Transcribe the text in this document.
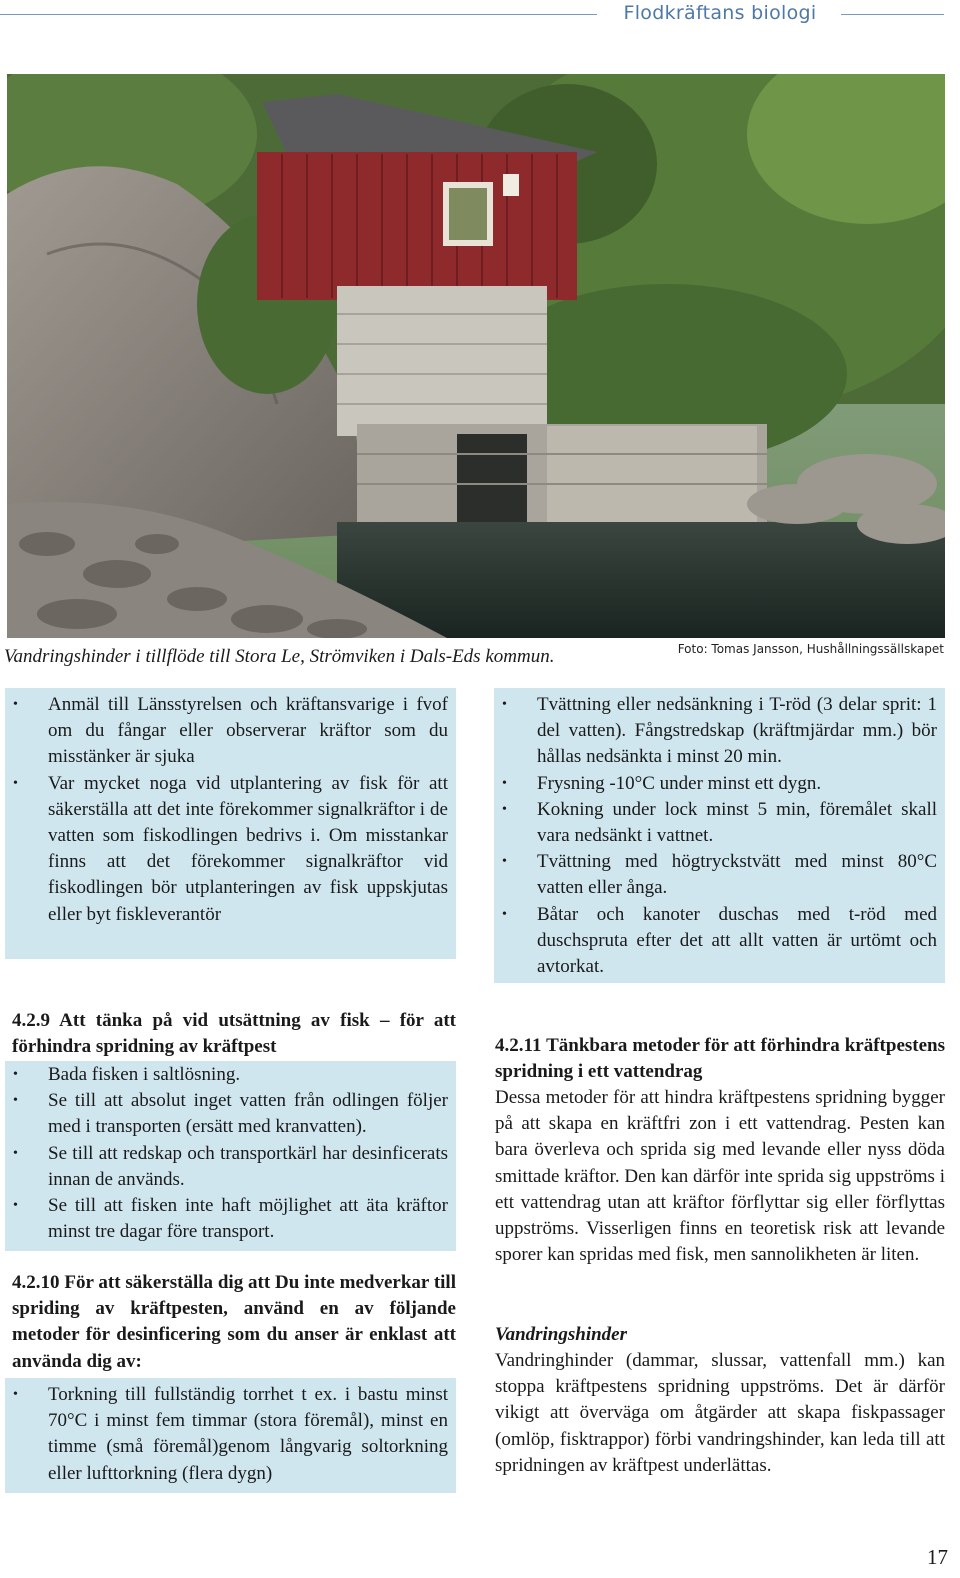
Flodkräftans biologi
Vandringshinder i tillflöde till Stora Le, Strömviken i Dals-Eds kommun.	Foto: Tomas Jansson, Hushållningssällskapet
• Anmäl till Länsstyrelsen och kräftansvarige i fvof om du fångar eller observerar kräftor som du misstänker är sjuka
• Var mycket noga vid utplantering av fisk för att säkerställa att det inte förekommer signalkräftor i de vatten som fiskodlingen bedrivs i. Om misstankar finns att det förekommer signalkräftor vid fiskodlingen bör utplanteringen av fisk uppskjutas eller byt fiskleverantör
• Tvättning eller nedsänkning i T-röd (3 delar sprit: 1 del vatten). Fångstredskap (kräftmjärdar mm.) bör hållas nedsänkta i minst 20 min.
• Frysning -10°C under minst ett dygn.
• Kokning under lock minst 5 min, föremålet skall vara nedsänkt i vattnet.
• Tvättning med högtryckstvätt med minst 80°C vatten eller ånga.
• Båtar och kanoter duschas med t-röd med duschspruta efter det att allt vatten är urtömt och avtorkat.
4.2.9 Att tänka på vid utsättning av fisk – för att förhindra spridning av kräftpest
• Bada fisken i saltlösning.
• Se till att absolut inget vatten från odlingen följer med i transporten (ersätt med kranvatten).
• Se till att redskap och transportkärl har desinficerats innan de används.
• Se till att fisken inte haft möjlighet att äta kräftor minst tre dagar före transport.
4.2.10 För att säkerställa dig att Du inte medverkar till spriding av kräftpesten, använd en av följande metoder för desinficering som du anser är enklast att använda dig av:
• Torkning till fullständig torrhet t ex. i bastu minst 70°C i minst fem timmar (stora föremål), minst en timme (små föremål)genom långvarig soltorkning eller lufttorkning (flera dygn)
4.2.11 Tänkbara metoder för att förhindra kräftpestens spridning i ett vattendrag
Dessa metoder för att hindra kräftpestens spridning bygger på att skapa en kräftfri zon i ett vattendrag. Pesten kan bara överleva och sprida sig med levande eller nyss döda smittade kräftor. Den kan därför inte sprida sig uppströms i ett vattendrag utan att kräftor förflyttar sig eller förflyttas uppströms. Visserligen finns en teoretisk risk att levande sporer kan spridas med fisk, men sannolikheten är liten.
Vandringshinder
Vandringhinder (dammar, slussar, vattenfall mm.) kan stoppa kräftpestens spridning uppströms. Det är därför vikigt att överväga om åtgärder att skapa fiskpassager (omlöp, fisktrappor) förbi vandringshinder, kan leda till att spridningen av kräftpest underlättas.
17
